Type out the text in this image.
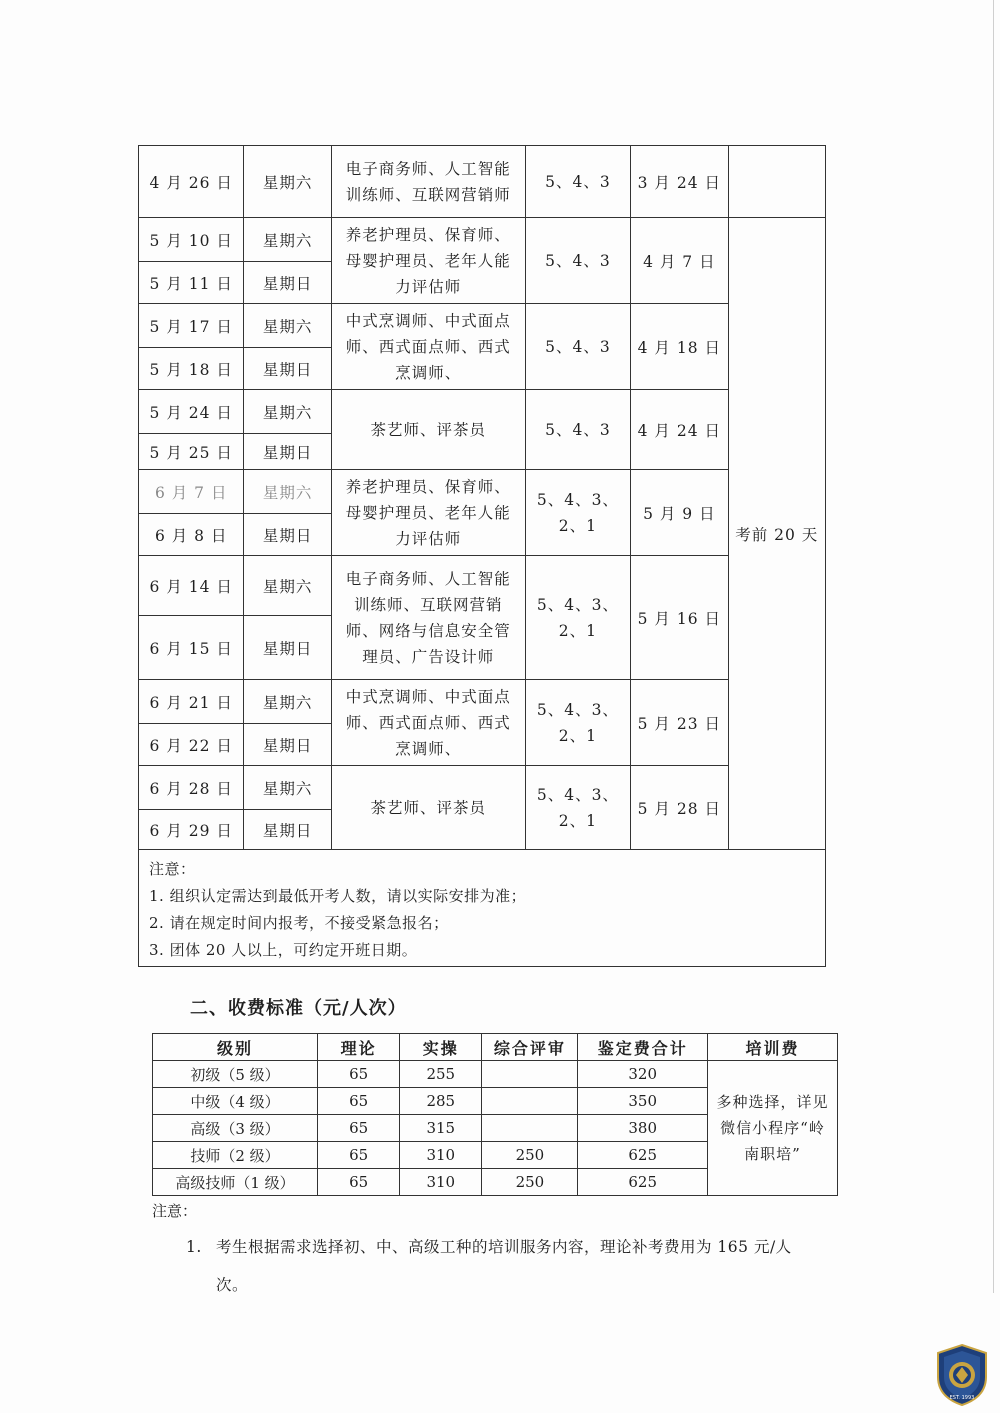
4 月 26 日	星期六	电子商务师、人工智能训练师、互联网营销师	5、4、3	3 月 24 日	
5 月 10 日	星期六	养老护理员、保育师、母婴护理员、老年人能力评估师	5、4、3	4 月 7 日	考前 20 天
5 月 11 日	星期日				
5 月 17 日	星期六	中式烹调师、中式面点师、西式面点师、西式烹调师、	5、4、3	4 月 18 日	
5 月 18 日	星期日				
5 月 24 日	星期六	茶艺师、评茶员	5、4、3	4 月 24 日	
5 月 25 日	星期日				
6 月 7 日	星期六	养老护理员、保育师、母婴护理员、老年人能力评估师	5、4、3、2、1	5 月 9 日	
6 月 8 日	星期日				
6 月 14 日	星期六	电子商务师、人工智能训练师、互联网营销师、网络与信息安全管理员、广告设计师	5、4、3、2、1	5 月 16 日	
6 月 15 日	星期日				
6 月 21 日	星期六	中式烹调师、中式面点师、西式面点师、西式烹调师、	5、4、3、2、1	5 月 23 日	
6 月 22 日	星期日				
6 月 28 日	星期六	茶艺师、评茶员	5、4、3、2、1	5 月 28 日	
6 月 29 日	星期日				

注意：
1. 组织认定需达到最低开考人数，请以实际安排为准；
2. 请在规定时间内报考，不接受紧急报名；
3. 团体 20 人以上，可约定开班日期。					
二、收费标准（元/人次）
级别	理论	实操	综合评审	鉴定费合计	培训费
初级（5 级）	65	255		320	多种选择，详见微信小程序“岭南职培”
中级（4 级）	65	285		350	
高级（3 级）	65	315		380	
技师（2 级）	65	310	250	625	
高级技师（1 级）	65	310	250	625	
注意：
1. 考生根据需求选择初、中、高级工种的培训服务内容，理论补考费用为 165 元/人
次。
EST. 1993
